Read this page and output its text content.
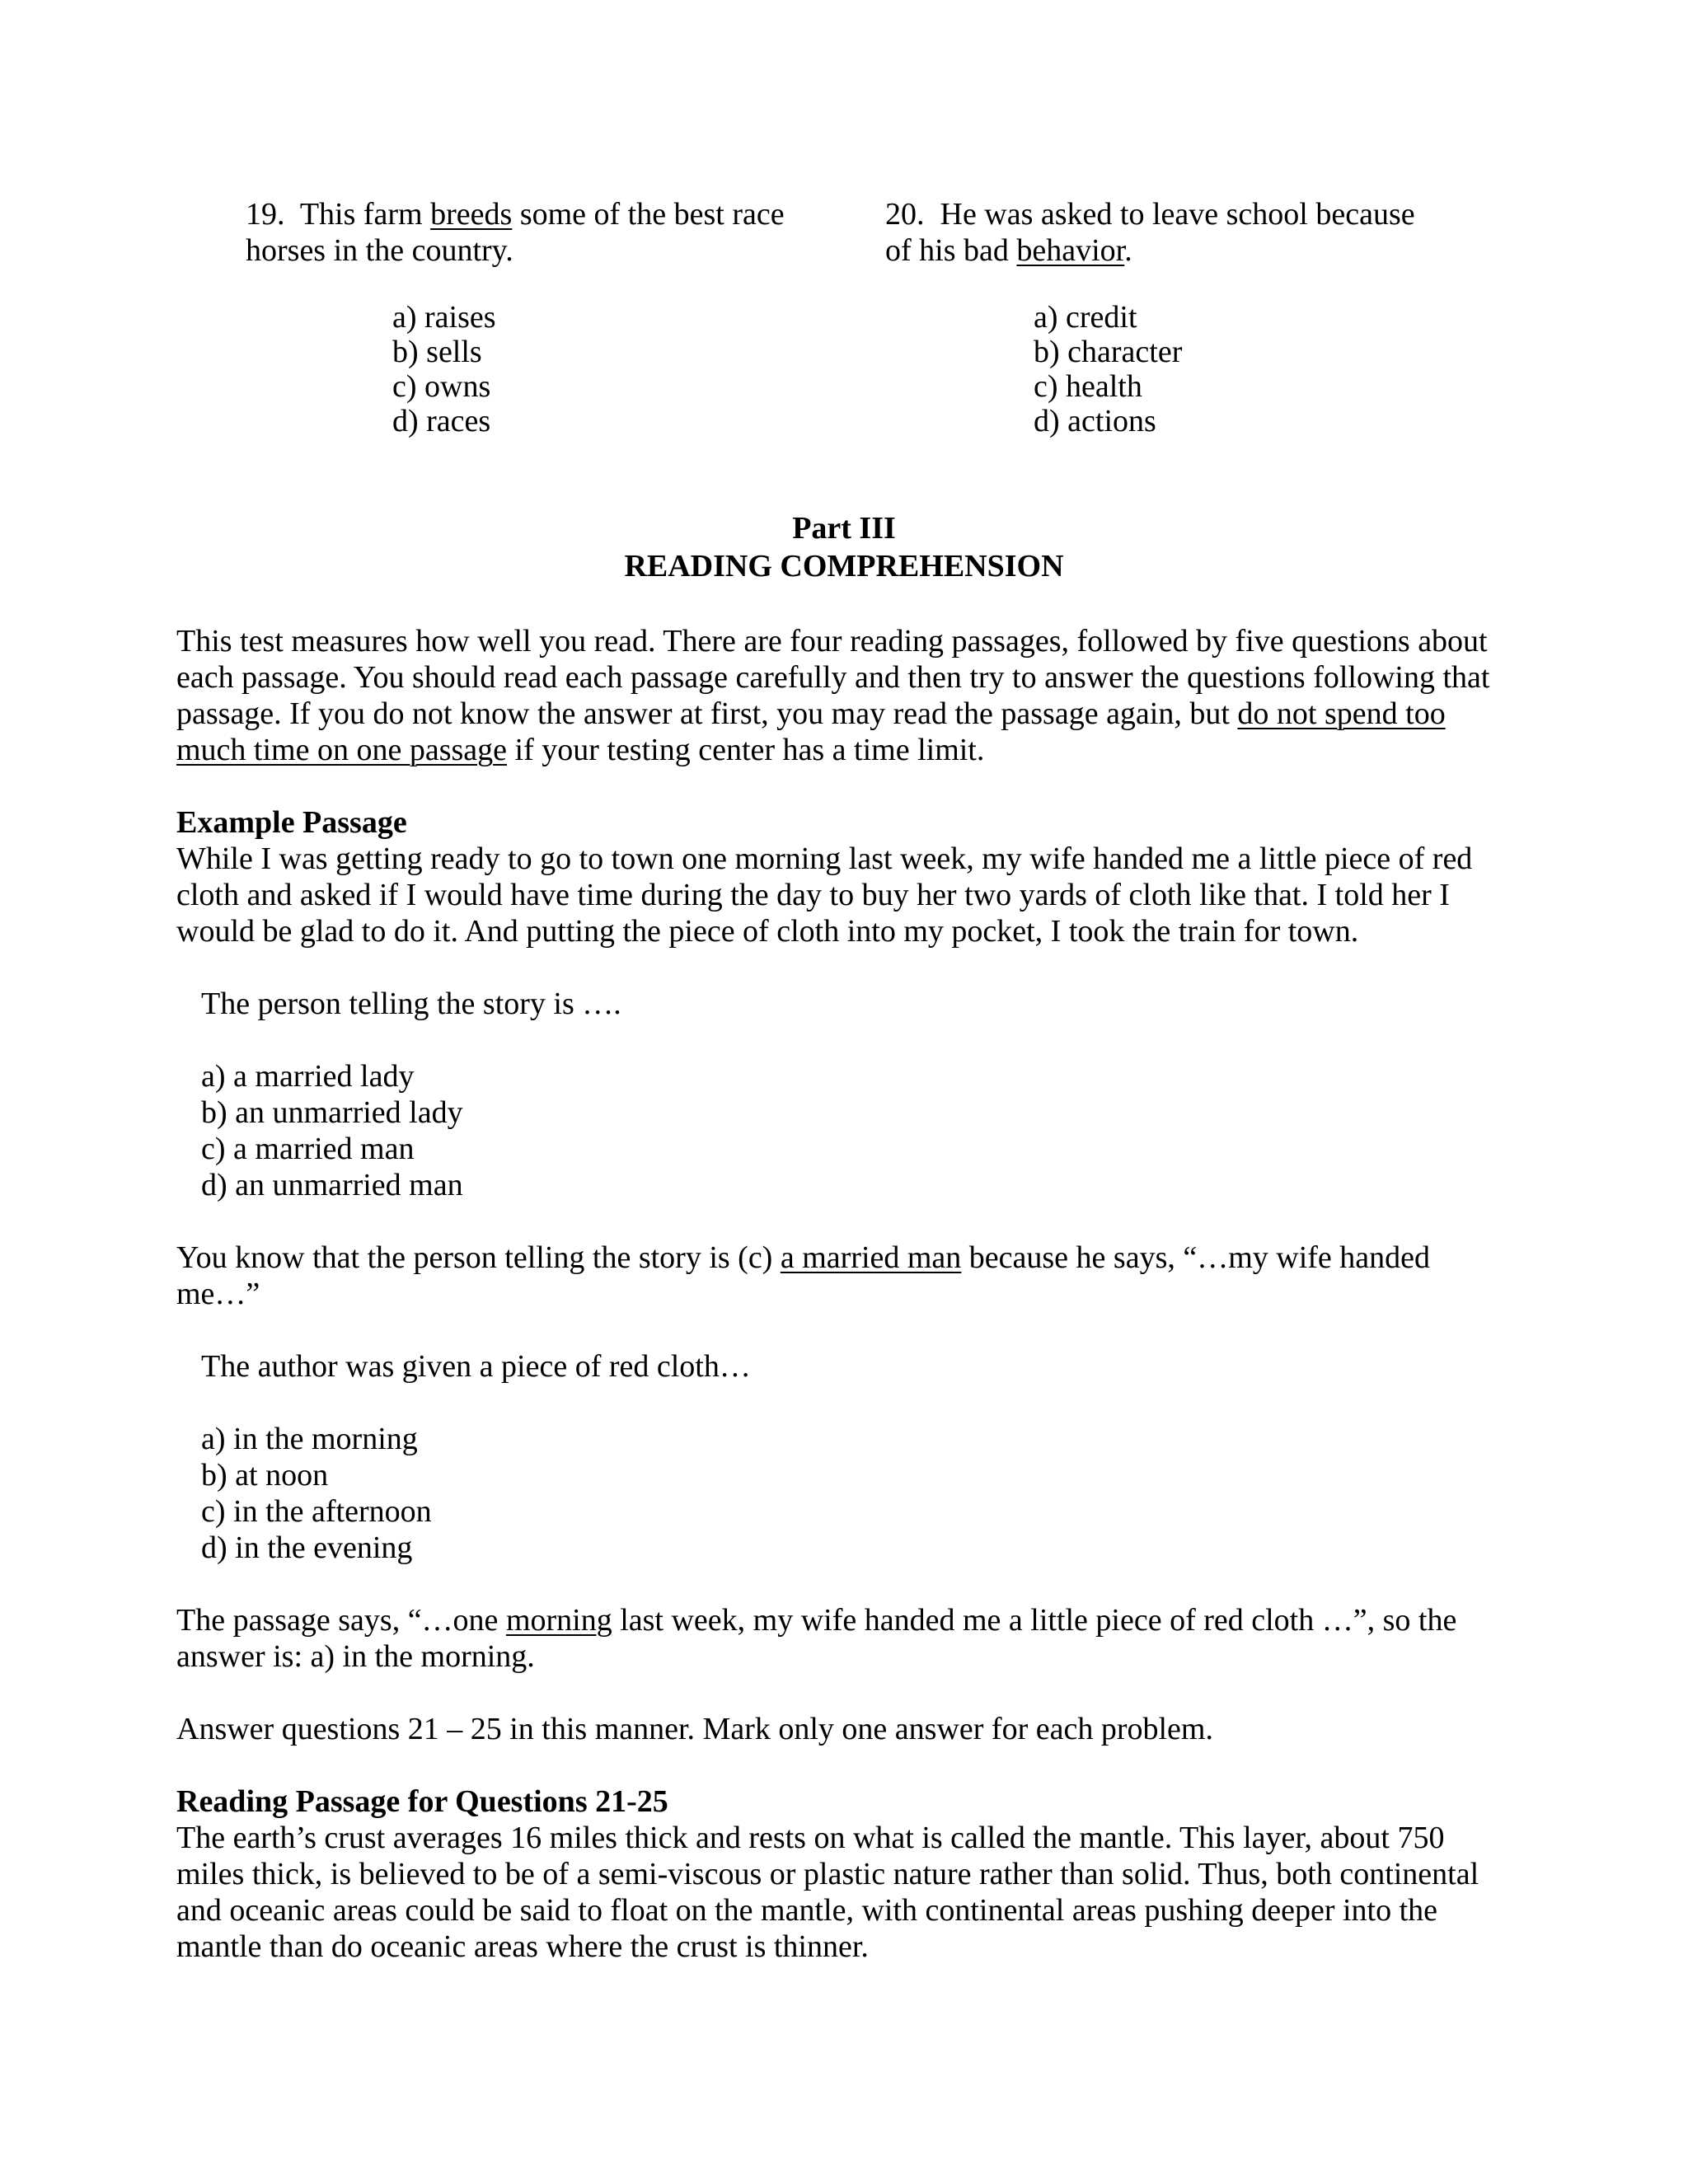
19. This farm breeds some of the best race horses in the country.
a) raises
b) sells
c) owns
d) races
20. He was asked to leave school because of his bad behavior.
a) credit
b) character
c) health
d) actions
Part III
READING COMPREHENSION
This test measures how well you read. There are four reading passages, followed by five questions about each passage. You should read each passage carefully and then try to answer the questions following that passage. If you do not know the answer at first, you may read the passage again, but do not spend too much time on one passage if your testing center has a time limit.
Example Passage
While I was getting ready to go to town one morning last week, my wife handed me a little piece of red cloth and asked if I would have time during the day to buy her two yards of cloth like that. I told her I would be glad to do it. And putting the piece of cloth into my pocket, I took the train for town.
The person telling the story is ….
a) a married lady
b) an unmarried lady
c) a married man
d) an unmarried man
You know that the person telling the story is (c) a married man because he says, “…my wife handed me…”
The author was given a piece of red cloth…
a) in the morning
b) at noon
c) in the afternoon
d) in the evening
The passage says, “…one morning last week, my wife handed me a little piece of red cloth …”, so the answer is: a) in the morning.
Answer questions 21 – 25 in this manner. Mark only one answer for each problem.
Reading Passage for Questions 21-25
The earth’s crust averages 16 miles thick and rests on what is called the mantle. This layer, about 750 miles thick, is believed to be of a semi-viscous or plastic nature rather than solid. Thus, both continental and oceanic areas could be said to float on the mantle, with continental areas pushing deeper into the mantle than do oceanic areas where the crust is thinner.
